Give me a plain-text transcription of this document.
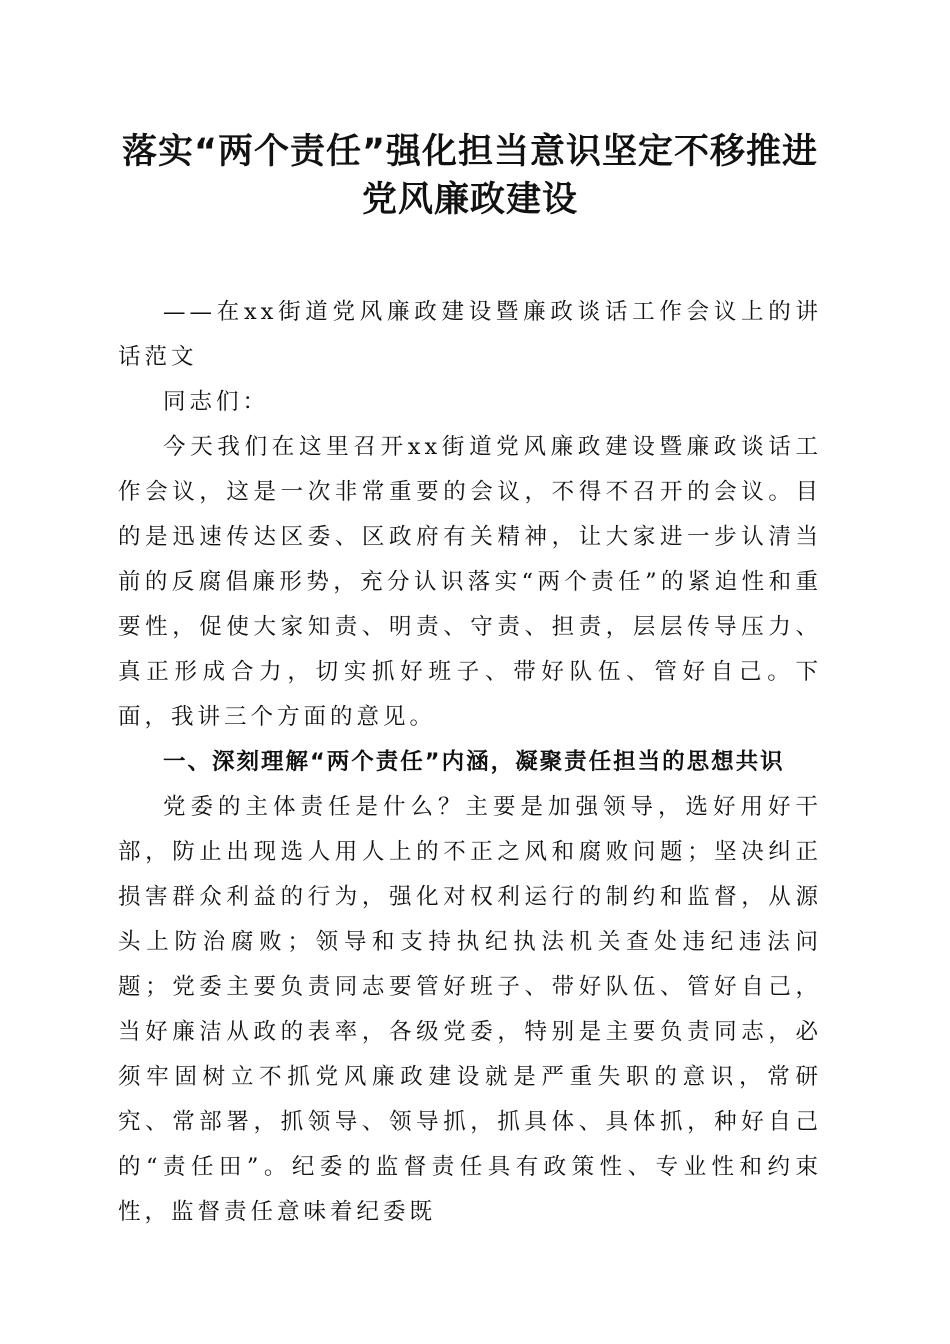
落实“两个责任”强化担当意识坚定不移推进
党风廉政建设

——在xx街道党风廉政建设暨廉政谈话工作会议上的讲话范文

同志们：

今天我们在这里召开xx街道党风廉政建设暨廉政谈话工作会议，这是一次非常重要的会议，不得不召开的会议。目的是迅速传达区委、区政府有关精神，让大家进一步认清当前的反腐倡廉形势，充分认识落实“两个责任”的紧迫性和重要性，促使大家知责、明责、守责、担责，层层传导压力、真正形成合力，切实抓好班子、带好队伍、管好自己。下面，我讲三个方面的意见。

一、深刻理解“两个责任”内涵，凝聚责任担当的思想共识

党委的主体责任是什么？主要是加强领导，选好用好干部，防止出现选人用人上的不正之风和腐败问题；坚决纠正损害群众利益的行为，强化对权利运行的制约和监督，从源头上防治腐败；领导和支持执纪执法机关查处违纪违法问题；党委主要负责同志要管好班子、带好队伍、管好自己，当好廉洁从政的表率，各级党委，特别是主要负责同志，必须牢固树立不抓党风廉政建设就是严重失职的意识，常研究、常部署，抓领导、领导抓，抓具体、具体抓，种好自己的“责任田”。纪委的监督责任具有政策性、专业性和约束性，监督责任意味着纪委既
